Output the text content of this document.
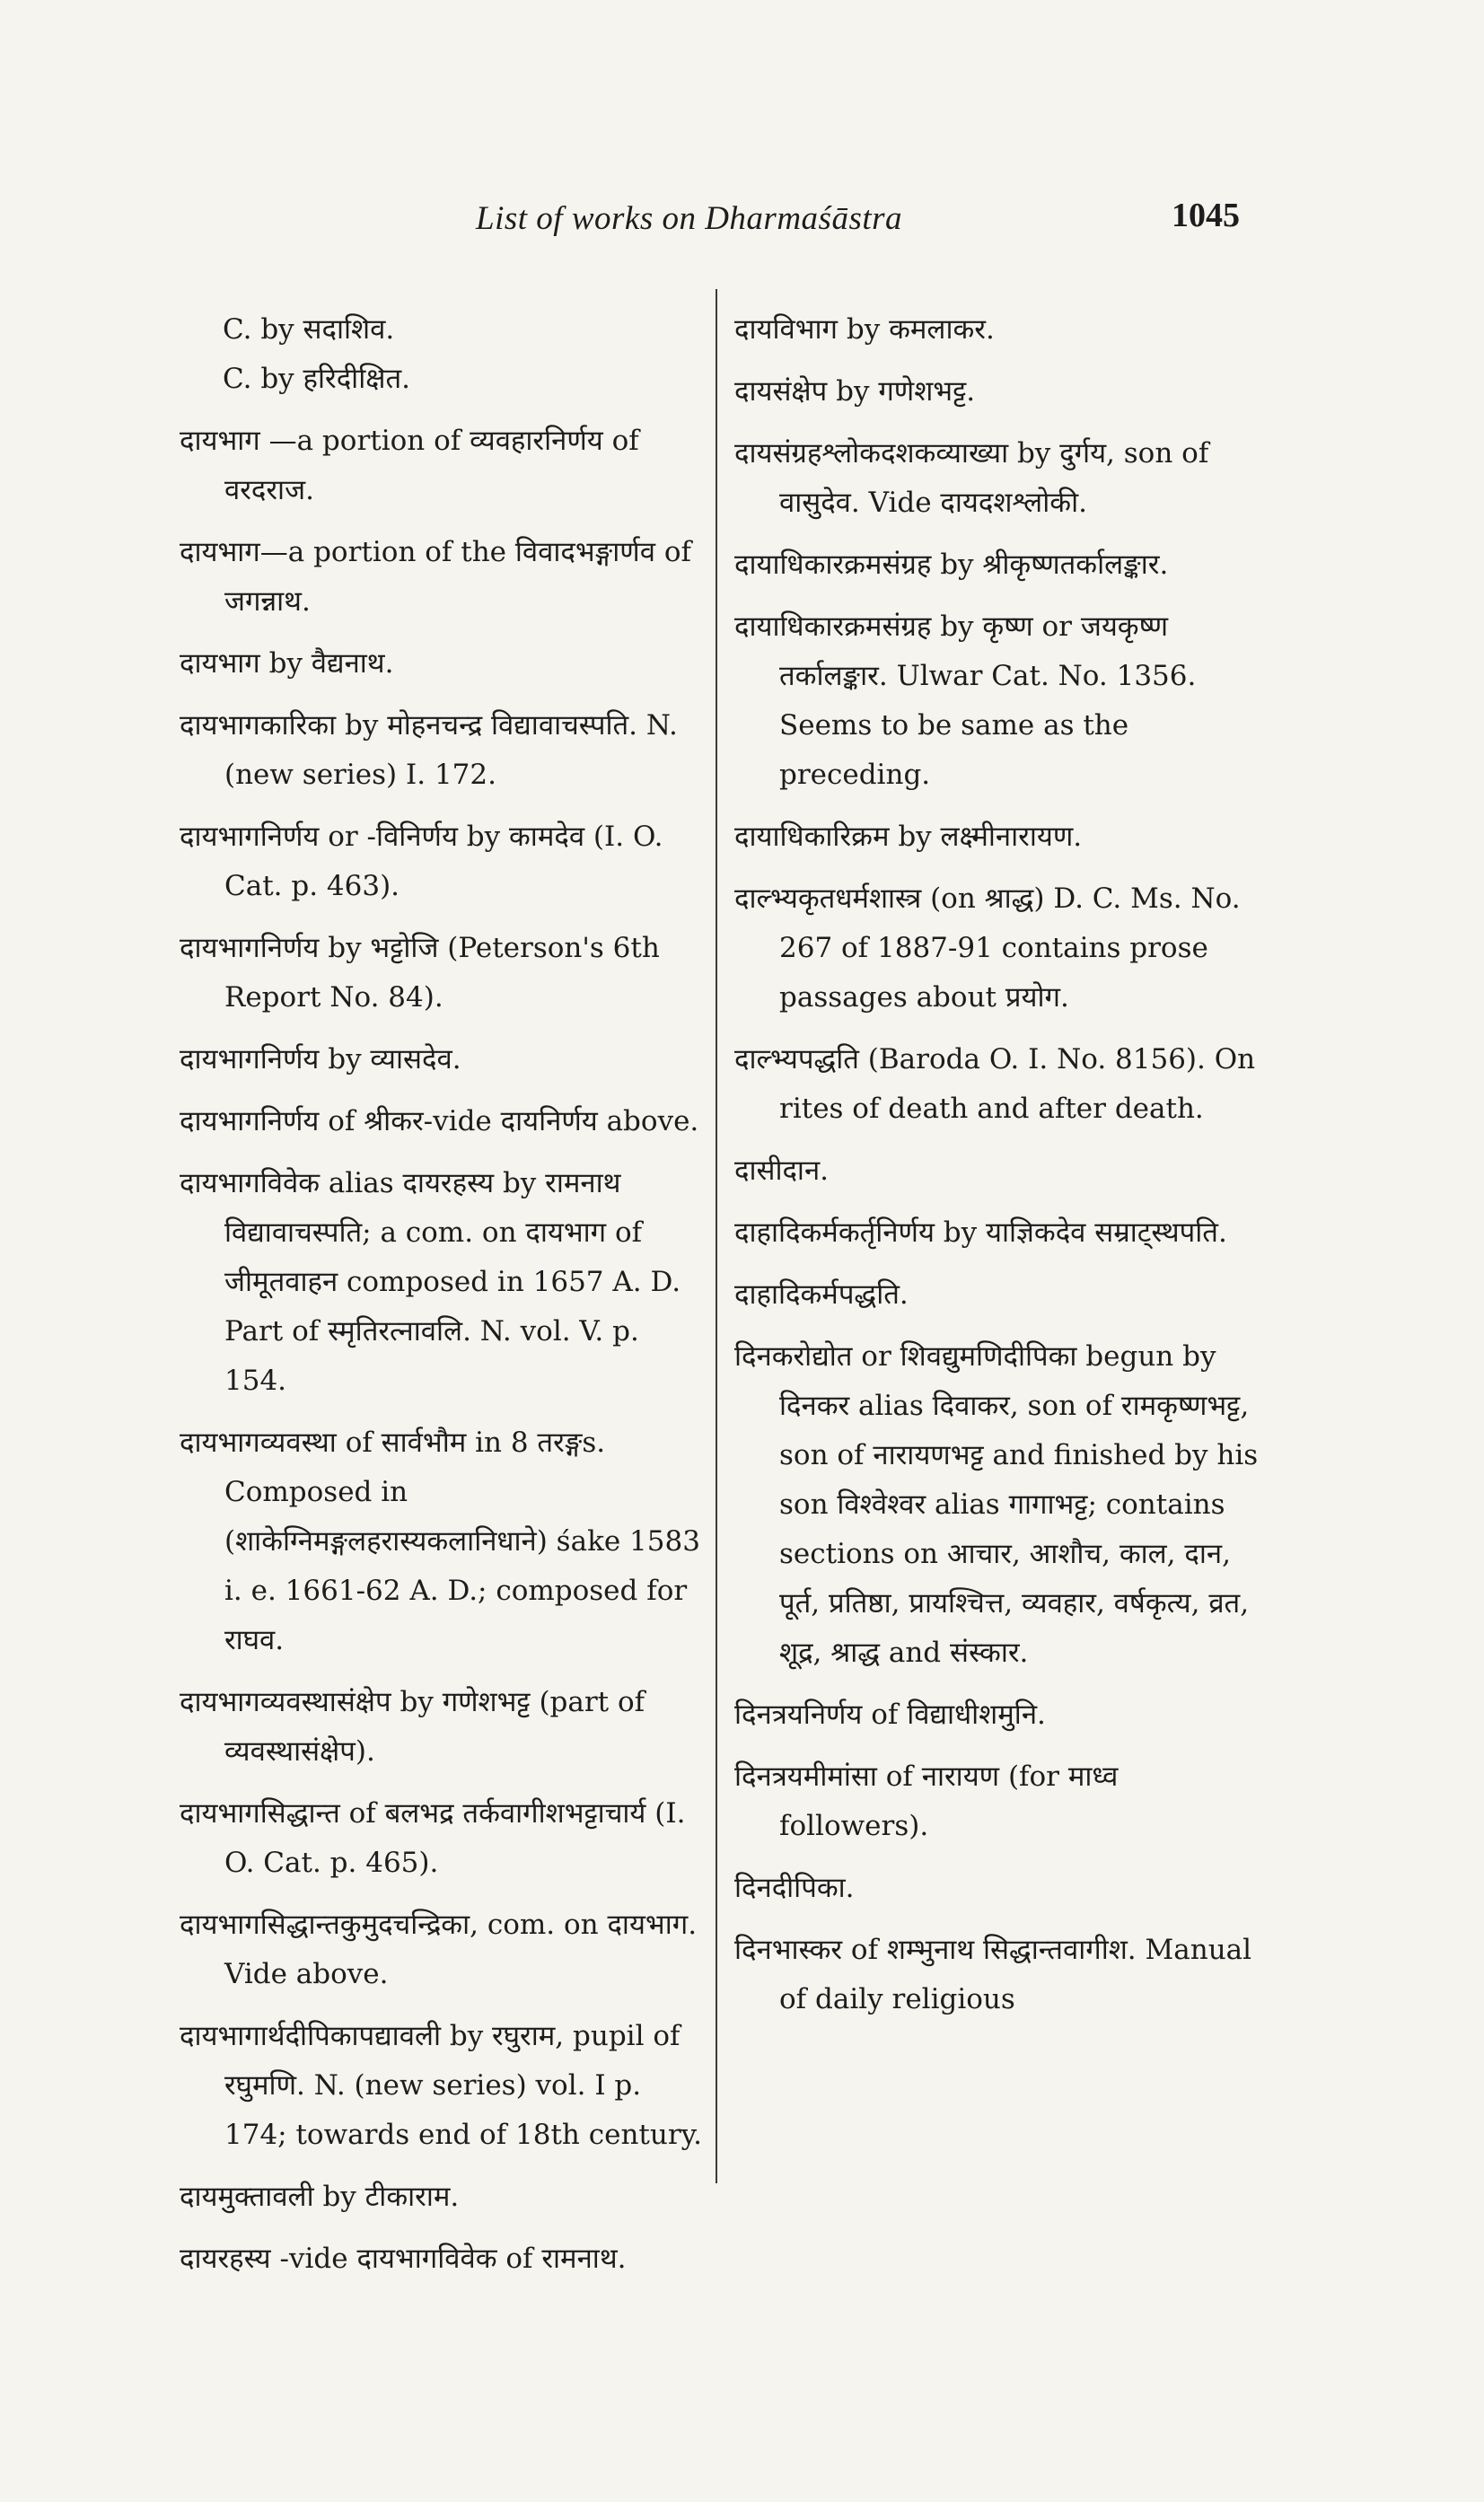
List of works on Dharmaśāstra	1045

C. by सदाशिव.

C. by हरिदीक्षित.

दायभाग —a portion of व्यवहारनिर्णय of वरदराज.

दायभाग—a portion of the विवादभङ्गार्णव of जगन्नाथ.

दायभाग by वैद्यनाथ.

दायभागकारिका by मोहनचन्द्र विद्यावाचस्पति. N. (new series) I. 172.

दायभागनिर्णय or -विनिर्णय by कामदेव (I. O. Cat. p. 463).

दायभागनिर्णय by भट्टोजि (Peterson's 6th Report No. 84).

दायभागनिर्णय by व्यासदेव.

दायभागनिर्णय of श्रीकर-vide दायनिर्णय above.

दायभागविवेक alias दायरहस्य by रामनाथ विद्यावाचस्पति; a com. on दायभाग of जीमूतवाहन composed in 1657 A. D. Part of स्मृतिरत्नावलि. N. vol. V. p. 154.

दायभागव्यवस्था of सार्वभौम in 8 तरङ्गs. Composed in (शाकेग्निमङ्गलहरास्यकलानिधाने) śake 1583 i. e. 1661-62 A. D.; composed for राघव.

दायभागव्यवस्थासंक्षेप by गणेशभट्ट (part of व्यवस्थासंक्षेप).

दायभागसिद्धान्त of बलभद्र तर्कवागीशभट्टाचार्य (I. O. Cat. p. 465).

दायभागसिद्धान्तकुमुदचन्द्रिका, com. on दायभाग. Vide above.

दायभागार्थदीपिकापद्यावली by रघुराम, pupil of रघुमणि. N. (new series) vol. I p. 174; towards end of 18th century.

दायमुक्तावली by टीकाराम.

दायरहस्य -vide दायभागविवेक of रामनाथ.

दायविभाग by कमलाकर.

दायसंक्षेप by गणेशभट्ट.

दायसंग्रहश्लोकदशकव्याख्या by दुर्गय, son of वासुदेव. Vide दायदशश्लोकी.

दायाधिकारक्रमसंग्रह by श्रीकृष्णतर्कालङ्कार.

दायाधिकारक्रमसंग्रह by कृष्ण or जयकृष्ण तर्कालङ्कार. Ulwar Cat. No. 1356. Seems to be same as the preceding.

दायाधिकारिक्रम by लक्ष्मीनारायण.

दाल्भ्यकृतधर्मशास्त्र (on श्राद्ध) D. C. Ms. No. 267 of 1887-91 contains prose passages about प्रयोग.

दाल्भ्यपद्धति (Baroda O. I. No. 8156). On rites of death and after death.

दासीदान.

दाहादिकर्मकर्तृनिर्णय by याज्ञिकदेव सम्राट्स्थपति.

दाहादिकर्मपद्धति.

दिनकरोद्योत or शिवद्युमणिदीपिका begun by दिनकर alias दिवाकर, son of रामकृष्णभट्ट, son of नारायणभट्ट and finished by his son विश्वेश्वर alias गागाभट्ट; contains sections on आचार, आशौच, काल, दान, पूर्त, प्रतिष्ठा, प्रायश्चित्त, व्यवहार, वर्षकृत्य, व्रत, शूद्र, श्राद्ध and संस्कार.

दिनत्रयनिर्णय of विद्याधीशमुनि.

दिनत्रयमीमांसा of नारायण (for माध्व followers).

दिनदीपिका.

दिनभास्कर of शम्भुनाथ सिद्धान्तवागीश. Manual of daily religious
